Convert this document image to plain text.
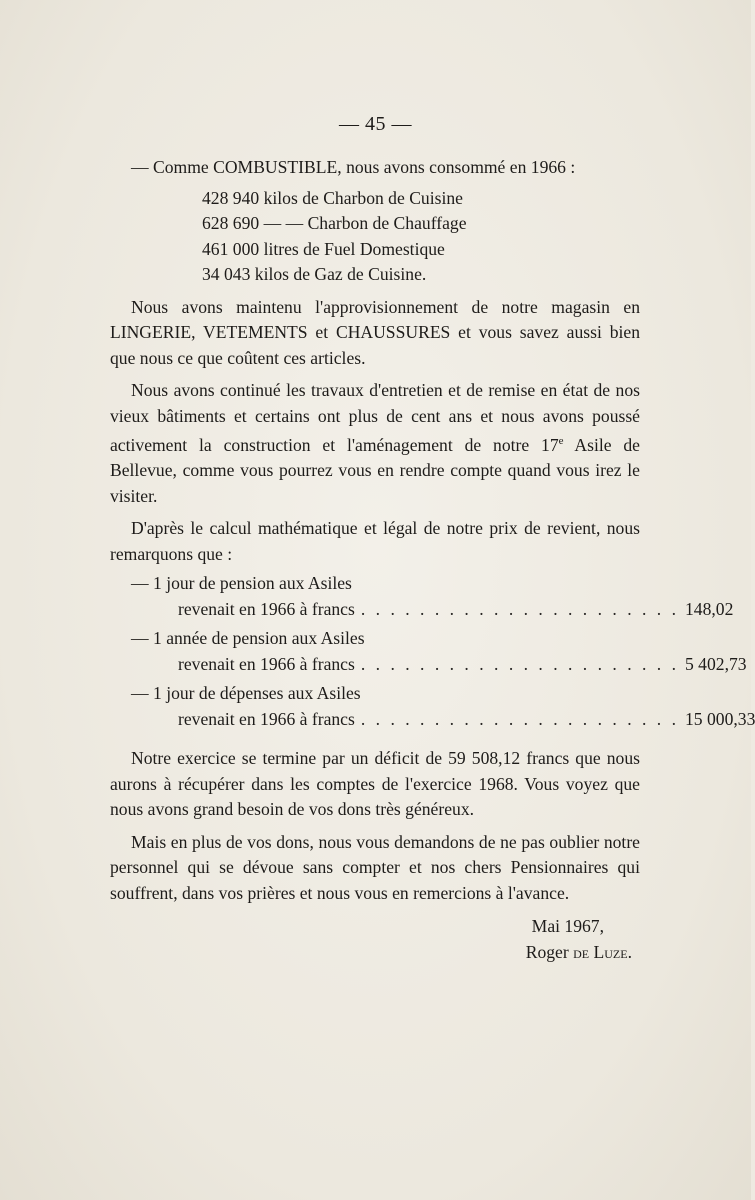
— 45 —

— Comme COMBUSTIBLE, nous avons consommé en 1966 :

428 940 kilos de Charbon de Cuisine
628 690 — — Charbon de Chauffage
461 000 litres de Fuel Domestique
34 043 kilos de Gaz de Cuisine.

Nous avons maintenu l'approvisionnement de notre magasin en LINGERIE, VETEMENTS et CHAUSSURES et vous savez aussi bien que nous ce que coûtent ces articles.

Nous avons continué les travaux d'entretien et de remise en état de nos vieux bâtiments et certains ont plus de cent ans et nous avons poussé activement la construction et l'aménagement de notre 17e Asile de Bellevue, comme vous pourrez vous en rendre compte quand vous irez le visiter.

D'après le calcul mathématique et légal de notre prix de revient, nous remarquons que :

— 1 jour de pension aux Asiles
revenait en 1966 à francs . . . . . . . . . . . . . . . . . . . . . . 148,02
— 1 année de pension aux Asiles
revenait en 1966 à francs . . . . . . . . . . . . . . . . . . . . . . 5 402,73
— 1 jour de dépenses aux Asiles
revenait en 1966 à francs . . . . . . . . . . . . . . . . . . . . . . 15 000,33

Notre exercice se termine par un déficit de 59 508,12 francs que nous aurons à récupérer dans les comptes de l'exercice 1968. Vous voyez que nous avons grand besoin de vos dons très généreux.

Mais en plus de vos dons, nous vous demandons de ne pas oublier notre personnel qui se dévoue sans compter et nos chers Pensionnaires qui souffrent, dans vos prières et nous vous en remercions à l'avance.

Mai 1967,
Roger de Luze.
